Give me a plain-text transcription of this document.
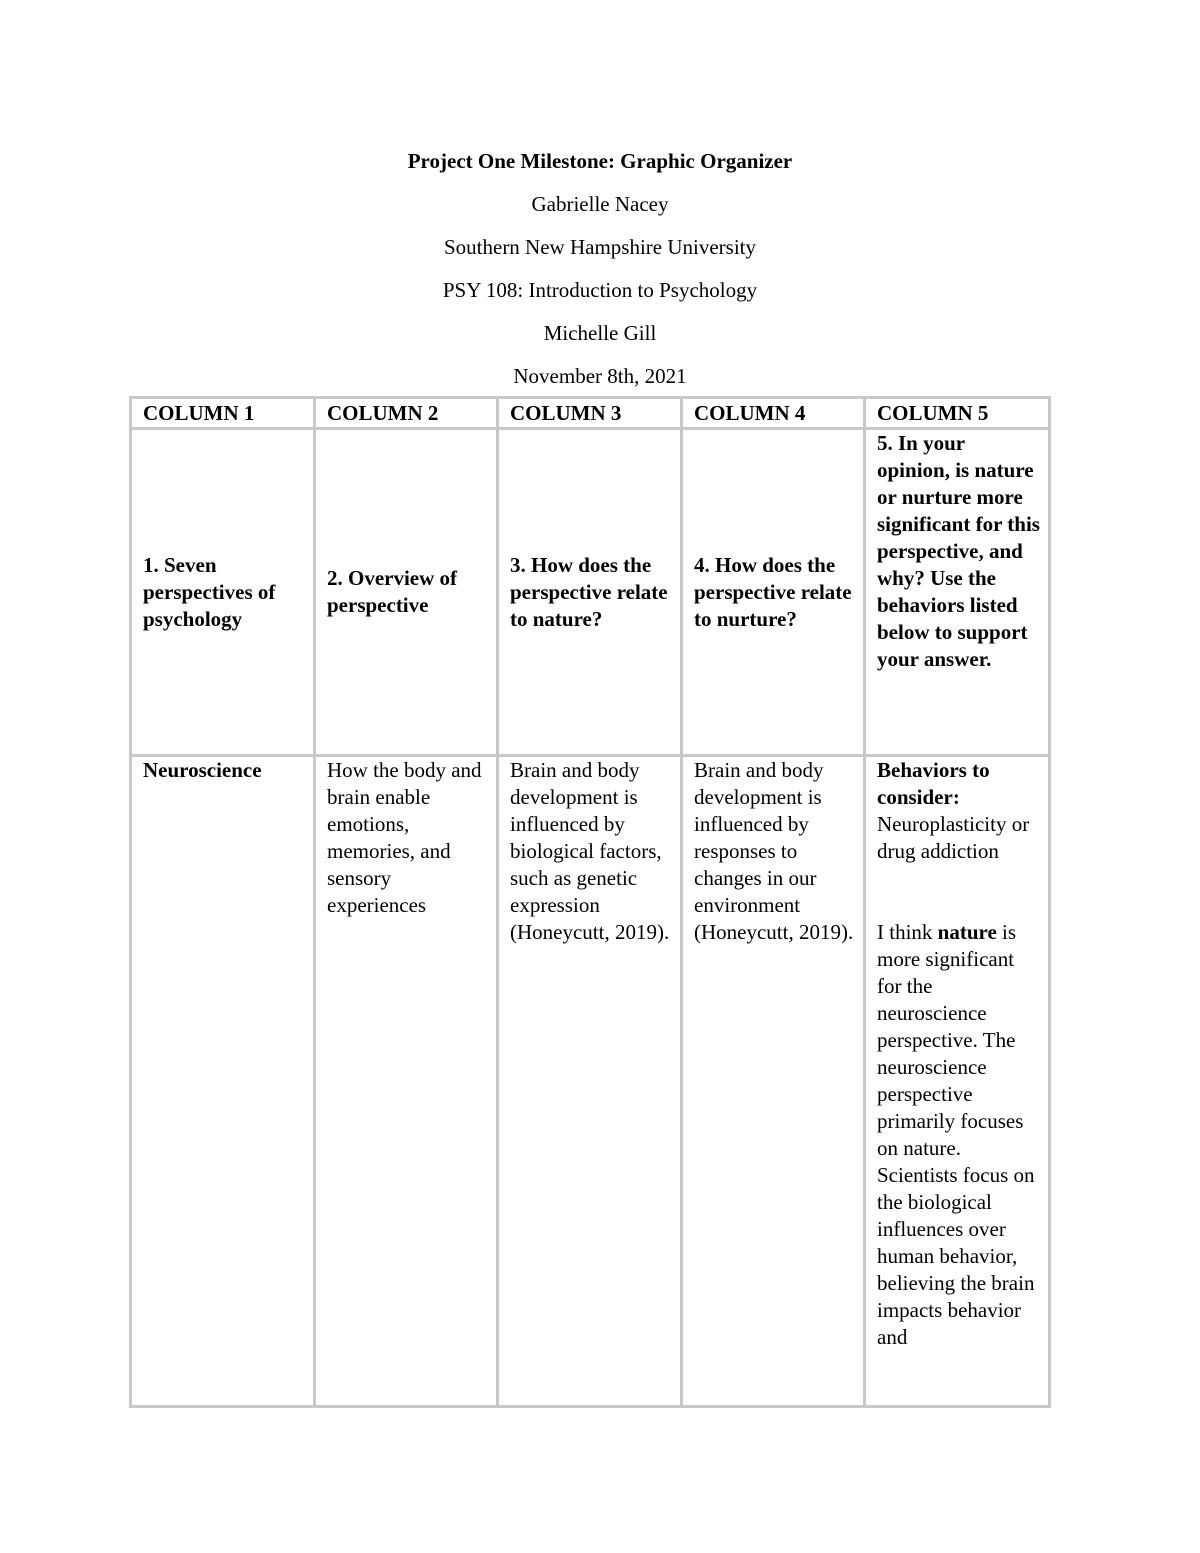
Project One Milestone: Graphic Organizer
Gabrielle Nacey
Southern New Hampshire University
PSY 108: Introduction to Psychology
Michelle Gill
November 8th, 2021
COLUMN 1	COLUMN 2	COLUMN 3	COLUMN 4	COLUMN 5
1. Seven perspectives of psychology	2. Overview of perspective	3. How does the perspective relate to nature?	4. How does the perspective relate to nurture?	5. In your opinion, is nature or nurture more significant for this perspective, and why? Use the behaviors listed below to support your answer.
Neuroscience	How the body and brain enable emotions, memories, and sensory experiences	Brain and body development is influenced by biological factors, such as genetic expression (Honeycutt, 2019).	Brain and body development is influenced by responses to changes in our environment (Honeycutt, 2019).	Behaviors to consider:
Neuroplasticity or drug addiction
I think nature is more significant for the neuroscience perspective. The neuroscience perspective primarily focuses on nature. Scientists focus on the biological influences over human behavior, believing the brain impacts behavior and
